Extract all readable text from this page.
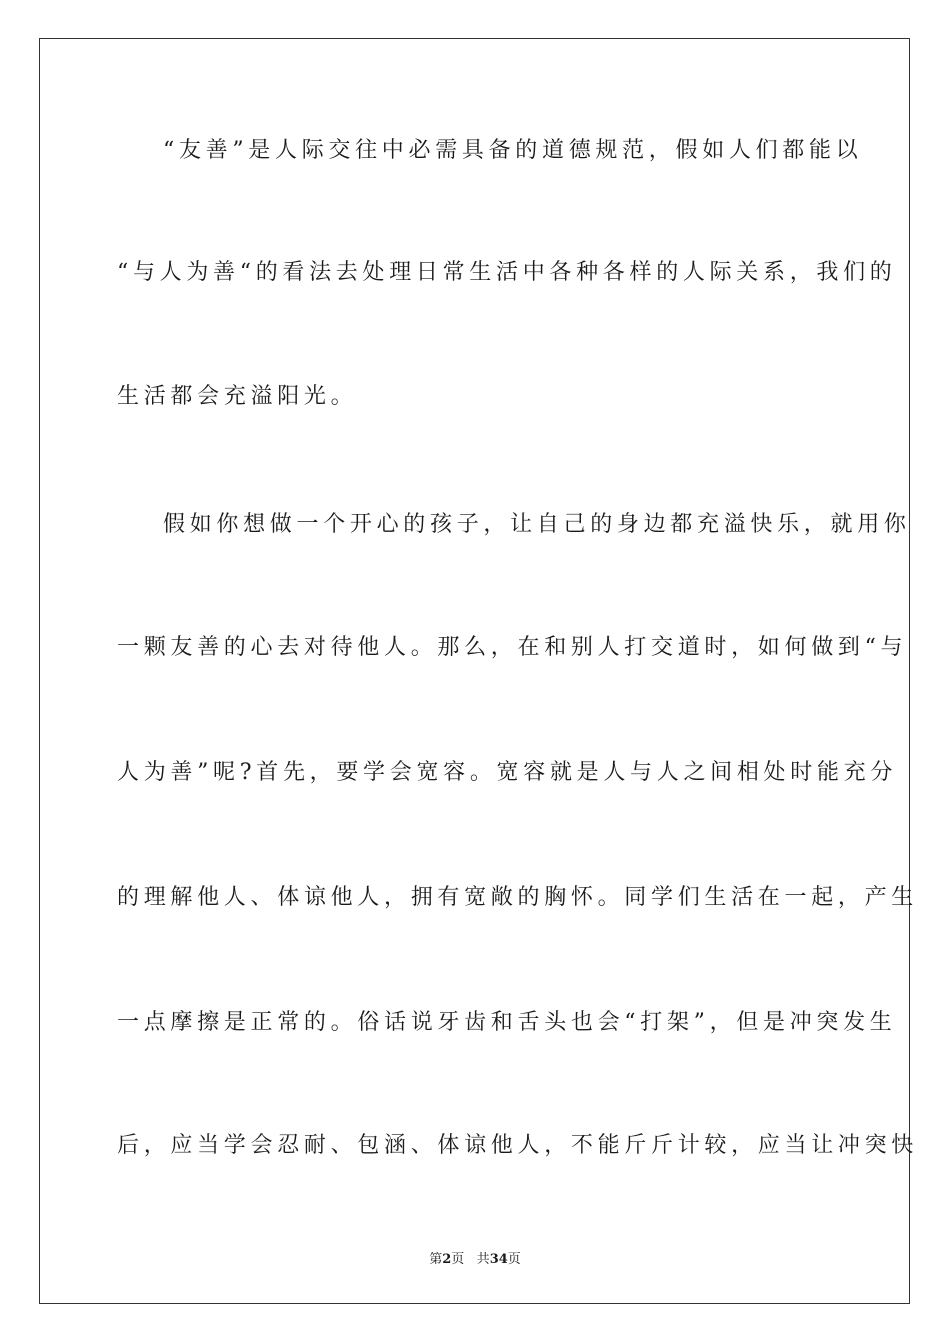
“友善”是人际交往中必需具备的道德规范，假如人们都能以
“与人为善“的看法去处理日常生活中各种各样的人际关系，我们的
生活都会充溢阳光。
假如你想做一个开心的孩子，让自己的身边都充溢快乐，就用你
一颗友善的心去对待他人。那么，在和别人打交道时，如何做到“与
人为善”呢?首先，要学会宽容。宽容就是人与人之间相处时能充分
的理解他人、体谅他人，拥有宽敞的胸怀。同学们生活在一起，产生
一点摩擦是正常的。俗话说牙齿和舌头也会“打架”，但是冲突发生
后，应当学会忍耐、包涵、体谅他人，不能斤斤计较，应当让冲突快
第2页 共34页
